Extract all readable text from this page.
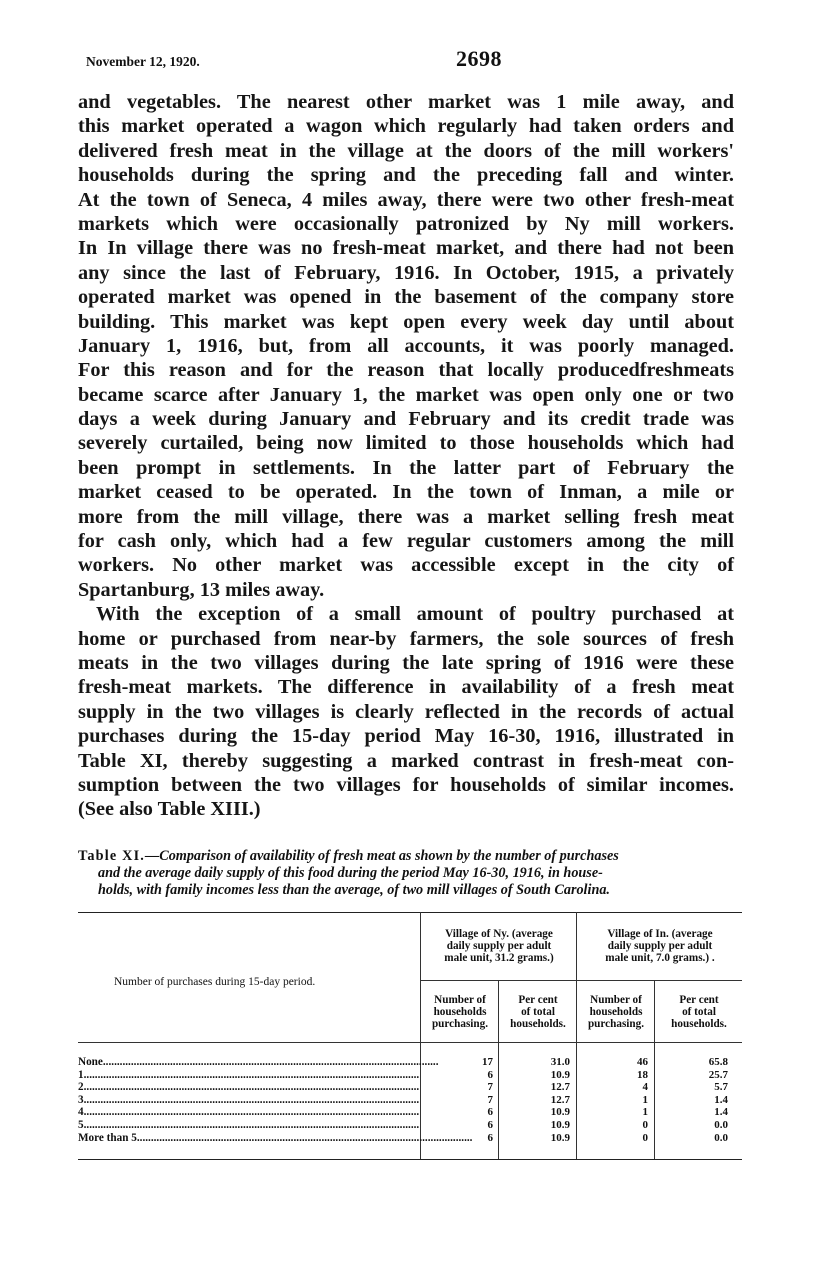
November 12, 1920.	2698
and vegetables. The nearest other market was 1 mile away, and
this market operated a wagon which regularly had taken orders and
delivered fresh meat in the village at the doors of the mill workers'
households during the spring and the preceding fall and winter.
At the town of Seneca, 4 miles away, there were two other fresh-meat
markets which were occasionally patronized by Ny mill workers.
In In village there was no fresh-meat market, and there had not been
any since the last of February, 1916. In October, 1915, a privately
operated market was opened in the basement of the company store
building. This market was kept open every week day until about
January 1, 1916, but, from all accounts, it was poorly managed.
For this reason and for the reason that locally producedfreshmeats
became scarce after January 1, the market was open only one or two
days a week during January and February and its credit trade was
severely curtailed, being now limited to those households which had
been prompt in settlements. In the latter part of February the
market ceased to be operated. In the town of Inman, a mile or
more from the mill village, there was a market selling fresh meat
for cash only, which had a few regular customers among the mill
workers. No other market was accessible except in the city of
Spartanburg, 13 miles away.
With the exception of a small amount of poultry purchased at
home or purchased from near-by farmers, the sole sources of fresh
meats in the two villages during the late spring of 1916 were these
fresh-meat markets. The difference in availability of a fresh meat
supply in the two villages is clearly reflected in the records of actual
purchases during the 15-day period May 16-30, 1916, illustrated in
Table XI, thereby suggesting a marked contrast in fresh-meat con-
sumption between the two villages for households of similar incomes.
(See also Table XIII.)
Table XI.—Comparison of availability of fresh meat as shown by the number of purchases
and the average daily supply of this food during the period May 16-30, 1916, in house-
holds, with family incomes less than the average, of two mill villages of South Carolina.
Number of purchases during 15-day period.
Village of Ny. (average
daily supply per adult
male unit, 31.2 grams.)
Village of In. (average
daily supply per adult
male unit, 7.0 grams.) .
Number of
households
purchasing.
Per cent
of total
households.
Number of
households
purchasing.
Per cent
of total
households.
None........................................................................................................................	17	31.0	46	65.8
1........................................................................................................................	6	10.9	18	25.7
2........................................................................................................................	7	12.7	4	5.7
3........................................................................................................................	7	12.7	1	1.4
4........................................................................................................................	6	10.9	1	1.4
5........................................................................................................................	6	10.9	0	0.0
More than 5........................................................................................................................	6	10.9	0	0.0
